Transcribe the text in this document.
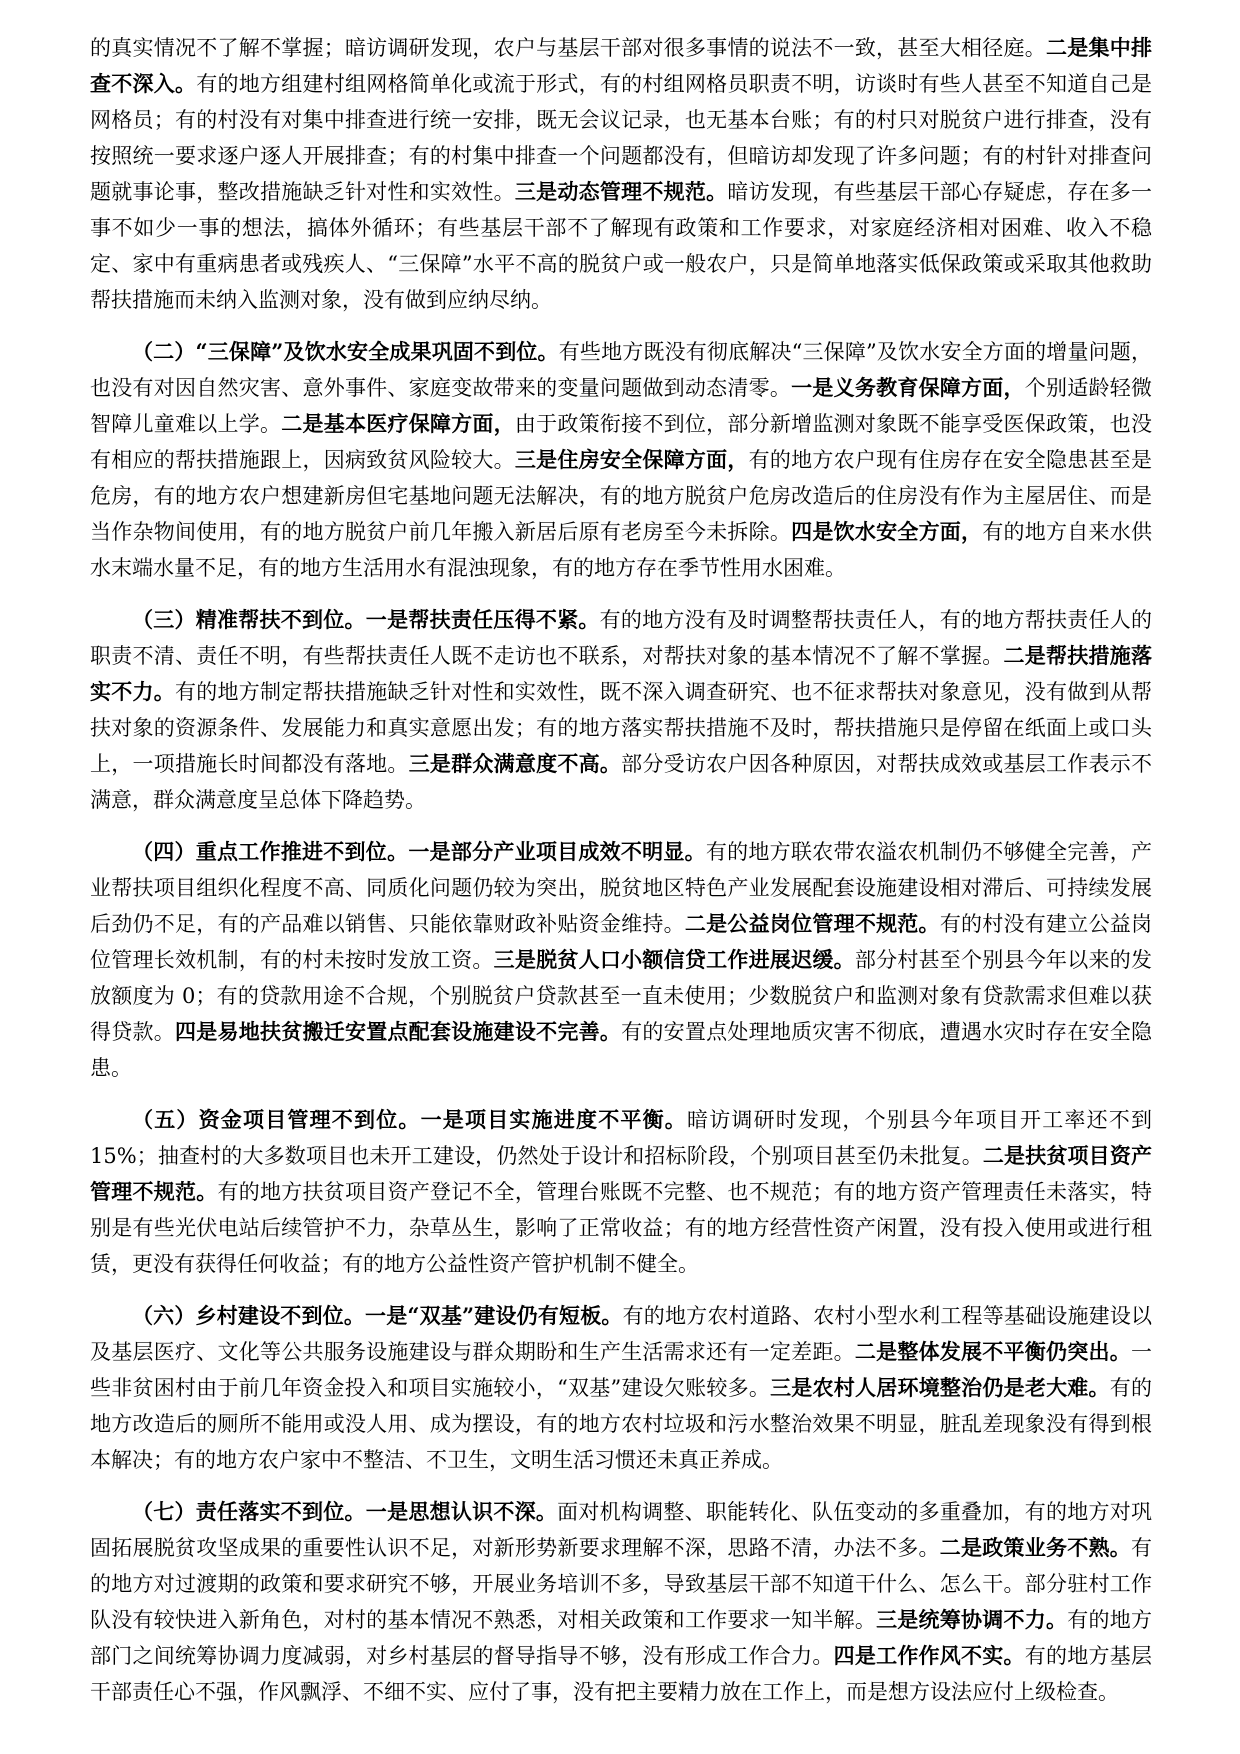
的真实情况不了解不掌握；暗访调研发现，农户与基层干部对很多事情的说法不一致，甚至大相径庭。二是集中排查不深入。有的地方组建村组网格简单化或流于形式，有的村组网格员职责不明，访谈时有些人甚至不知道自己是网格员；有的村没有对集中排查进行统一安排，既无会议记录，也无基本台账；有的村只对脱贫户进行排查，没有按照统一要求逐户逐人开展排查；有的村集中排查一个问题都没有，但暗访却发现了许多问题；有的村针对排查问题就事论事，整改措施缺乏针对性和实效性。三是动态管理不规范。暗访发现，有些基层干部心存疑虑，存在多一事不如少一事的想法，搞体外循环；有些基层干部不了解现有政策和工作要求，对家庭经济相对困难、收入不稳定、家中有重病患者或残疾人、“三保障”水平不高的脱贫户或一般农户，只是简单地落实低保政策或采取其他救助帮扶措施而未纳入监测对象，没有做到应纳尽纳。

（二）“三保障”及饮水安全成果巩固不到位。有些地方既没有彻底解决“三保障”及饮水安全方面的增量问题，也没有对因自然灾害、意外事件、家庭变故带来的变量问题做到动态清零。一是义务教育保障方面，个别适龄轻微智障儿童难以上学。二是基本医疗保障方面，由于政策衔接不到位，部分新增监测对象既不能享受医保政策，也没有相应的帮扶措施跟上，因病致贫风险较大。三是住房安全保障方面，有的地方农户现有住房存在安全隐患甚至是危房，有的地方农户想建新房但宅基地问题无法解决，有的地方脱贫户危房改造后的住房没有作为主屋居住、而是当作杂物间使用，有的地方脱贫户前几年搬入新居后原有老房至今未拆除。四是饮水安全方面，有的地方自来水供水末端水量不足，有的地方生活用水有混浊现象，有的地方存在季节性用水困难。

（三）精准帮扶不到位。一是帮扶责任压得不紧。有的地方没有及时调整帮扶责任人，有的地方帮扶责任人的职责不清、责任不明，有些帮扶责任人既不走访也不联系，对帮扶对象的基本情况不了解不掌握。二是帮扶措施落实不力。有的地方制定帮扶措施缺乏针对性和实效性，既不深入调查研究、也不征求帮扶对象意见，没有做到从帮扶对象的资源条件、发展能力和真实意愿出发；有的地方落实帮扶措施不及时，帮扶措施只是停留在纸面上或口头上，一项措施长时间都没有落地。三是群众满意度不高。部分受访农户因各种原因，对帮扶成效或基层工作表示不满意，群众满意度呈总体下降趋势。

（四）重点工作推进不到位。一是部分产业项目成效不明显。有的地方联农带农溢农机制仍不够健全完善，产业帮扶项目组织化程度不高、同质化问题仍较为突出，脱贫地区特色产业发展配套设施建设相对滞后、可持续发展后劲仍不足，有的产品难以销售、只能依靠财政补贴资金维持。二是公益岗位管理不规范。有的村没有建立公益岗位管理长效机制，有的村未按时发放工资。三是脱贫人口小额信贷工作进展迟缓。部分村甚至个别县今年以来的发放额度为 0；有的贷款用途不合规，个别脱贫户贷款甚至一直未使用；少数脱贫户和监测对象有贷款需求但难以获得贷款。四是易地扶贫搬迁安置点配套设施建设不完善。有的安置点处理地质灾害不彻底，遭遇水灾时存在安全隐患。

（五）资金项目管理不到位。一是项目实施进度不平衡。暗访调研时发现，个别县今年项目开工率还不到 15%；抽查村的大多数项目也未开工建设，仍然处于设计和招标阶段，个别项目甚至仍未批复。二是扶贫项目资产管理不规范。有的地方扶贫项目资产登记不全，管理台账既不完整、也不规范；有的地方资产管理责任未落实，特别是有些光伏电站后续管护不力，杂草丛生，影响了正常收益；有的地方经营性资产闲置，没有投入使用或进行租赁，更没有获得任何收益；有的地方公益性资产管护机制不健全。

（六）乡村建设不到位。一是“双基”建设仍有短板。有的地方农村道路、农村小型水利工程等基础设施建设以及基层医疗、文化等公共服务设施建设与群众期盼和生产生活需求还有一定差距。二是整体发展不平衡仍突出。一些非贫困村由于前几年资金投入和项目实施较小，“双基”建设欠账较多。三是农村人居环境整治仍是老大难。有的地方改造后的厕所不能用或没人用、成为摆设，有的地方农村垃圾和污水整治效果不明显，脏乱差现象没有得到根本解决；有的地方农户家中不整洁、不卫生，文明生活习惯还未真正养成。

（七）责任落实不到位。一是思想认识不深。面对机构调整、职能转化、队伍变动的多重叠加，有的地方对巩固拓展脱贫攻坚成果的重要性认识不足，对新形势新要求理解不深，思路不清，办法不多。二是政策业务不熟。有的地方对过渡期的政策和要求研究不够，开展业务培训不多，导致基层干部不知道干什么、怎么干。部分驻村工作队没有较快进入新角色，对村的基本情况不熟悉，对相关政策和工作要求一知半解。三是统筹协调不力。有的地方部门之间统筹协调力度减弱，对乡村基层的督导指导不够，没有形成工作合力。四是工作作风不实。有的地方基层干部责任心不强，作风飘浮、不细不实、应付了事，没有把主要精力放在工作上，而是想方设法应付上级检查。
